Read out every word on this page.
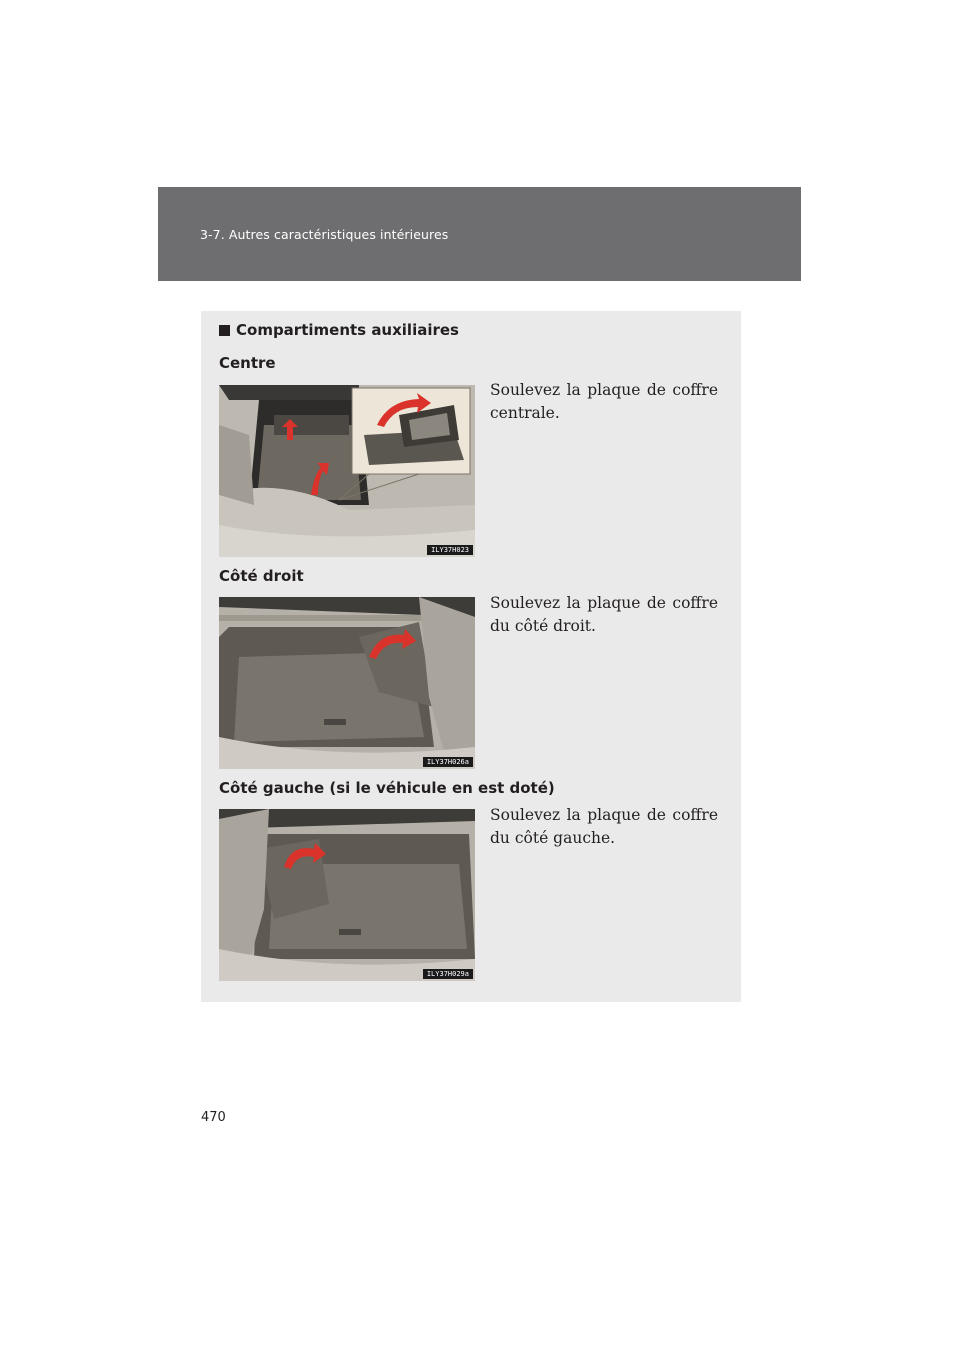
3-7. Autres caractéristiques intérieures
Compartiments auxiliaires
Centre
ILY37H023
Soulevez la plaque de coffre centrale.
Côté droit
ILY37H026a
Soulevez la plaque de coffre du côté droit.
Côté gauche (si le véhicule en est doté)
ILY37H029a
Soulevez la plaque de coffre du côté gauche.
470
